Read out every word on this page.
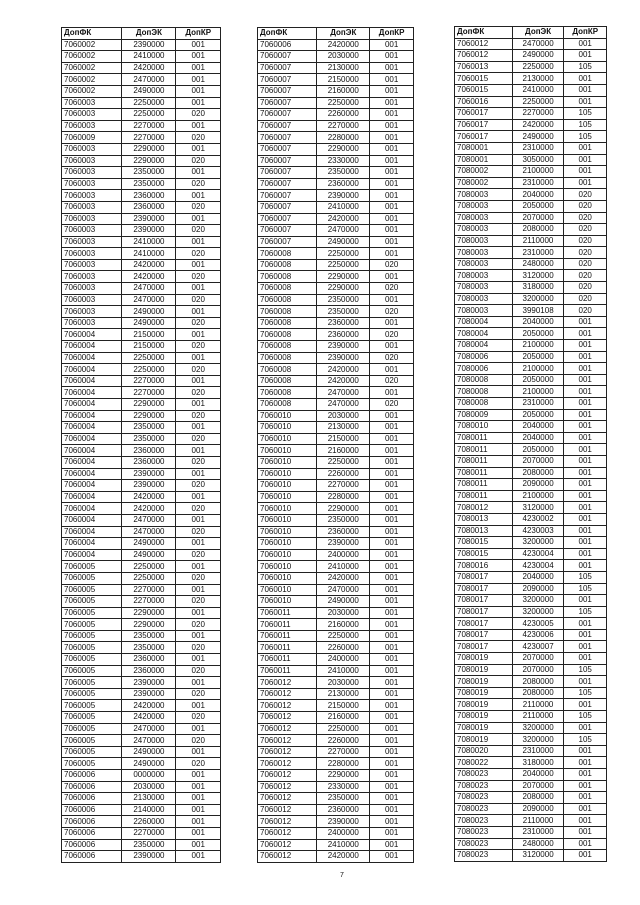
ДопФК	ДопЭК	ДопКР
7060002	2390000	001
7060002	2410000	001
7060002	2420000	001
7060002	2470000	001
7060002	2490000	001
7060003	2250000	001
7060003	2250000	020
7060003	2270000	001
7060009	2270000	020
7060003	2290000	001
7060003	2290000	020
7060003	2350000	001
7060003	2350000	020
7060003	2360000	001
7060003	2360000	020
7060003	2390000	001
7060003	2390000	020
7060003	2410000	001
7060003	2410000	020
7060003	2420000	001
7060003	2420000	020
7060003	2470000	001
7060003	2470000	020
7060003	2490000	001
7060003	2490000	020
7060004	2150000	001
7060004	2150000	020
7060004	2250000	001
7060004	2250000	020
7060004	2270000	001
7060004	2270000	020
7060004	2290000	001
7060004	2290000	020
7060004	2350000	001
7060004	2350000	020
7060004	2360000	001
7060004	2360000	020
7060004	2390000	001
7060004	2390000	020
7060004	2420000	001
7060004	2420000	020
7060004	2470000	001
7060004	2470000	020
7060004	2490000	001
7060004	2490000	020
7060005	2250000	001
7060005	2250000	020
7060005	2270000	001
7060005	2270000	020
7060005	2290000	001
7060005	2290000	020
7060005	2350000	001
7060005	2350000	020
7060005	2360000	001
7060005	2360000	020
7060005	2390000	001
7060005	2390000	020
7060005	2420000	001
7060005	2420000	020
7060005	2470000	001
7060005	2470000	020
7060005	2490000	001
7060005	2490000	020
7060006	0000000	001
7060006	2030000	001
7060006	2130000	001
7060006	2140000	001
7060006	2260000	001
7060006	2270000	001
7060006	2350000	001
7060006	2390000	001
ДопФК	ДопЭК	ДопКР
7060006	2420000	001
7060007	2030000	001
7060007	2130000	001
7060007	2150000	001
7060007	2160000	001
7060007	2250000	001
7060007	2260000	001
7060007	2270000	001
7060007	2280000	001
7060007	2290000	001
7060007	2330000	001
7060007	2350000	001
7060007	2360000	001
7060007	2390000	001
7060007	2410000	001
7060007	2420000	001
7060007	2470000	001
7060007	2490000	001
7060008	2250000	001
7060008	2250000	020
7060008	2290000	001
7060008	2290000	020
7060008	2350000	001
7060008	2350000	020
7060008	2360000	001
7060008	2360000	020
7060008	2390000	001
7060008	2390000	020
7060008	2420000	001
7060008	2420000	020
7060008	2470000	001
7060008	2470000	020
7060010	2030000	001
7060010	2130000	001
7060010	2150000	001
7060010	2160000	001
7060010	2250000	001
7060010	2260000	001
7060010	2270000	001
7060010	2280000	001
7060010	2290000	001
7060010	2350000	001
7060010	2360000	001
7060010	2390000	001
7060010	2400000	001
7060010	2410000	001
7060010	2420000	001
7060010	2470000	001
7060010	2490000	001
7060011	2030000	001
7060011	2160000	001
7060011	2250000	001
7060011	2260000	001
7060011	2400000	001
7060011	2410000	001
7060012	2030000	001
7060012	2130000	001
7060012	2150000	001
7060012	2160000	001
7060012	2250000	001
7060012	2260000	001
7060012	2270000	001
7060012	2280000	001
7060012	2290000	001
7060012	2330000	001
7060012	2350000	001
7060012	2360000	001
7060012	2390000	001
7060012	2400000	001
7060012	2410000	001
7060012	2420000	001
ДопФК	ДопЭК	ДопКР
7060012	2470000	001
7060012	2490000	001
7060013	2250000	105
7060015	2130000	001
7060015	2410000	001
7060016	2250000	001
7060017	2270000	105
7060017	2420000	105
7060017	2490000	105
7080001	2310000	001
7080001	3050000	001
7080002	2100000	001
7080002	2310000	001
7080003	2040000	020
7080003	2050000	020
7080003	2070000	020
7080003	2080000	020
7080003	2110000	020
7080003	2310000	020
7080003	2480000	020
7080003	3120000	020
7080003	3180000	020
7080003	3200000	020
7080003	3990108	020
7080004	2040000	001
7080004	2050000	001
7080004	2100000	001
7080006	2050000	001
7080006	2100000	001
7080008	2050000	001
7080008	2100000	001
7080008	2310000	001
7080009	2050000	001
7080010	2040000	001
7080011	2040000	001
7080011	2050000	001
7080011	2070000	001
7080011	2080000	001
7080011	2090000	001
7080011	2100000	001
7080012	3120000	001
7080013	4230002	001
7080013	4230003	001
7080015	3200000	001
7080015	4230004	001
7080016	4230004	001
7080017	2040000	105
7080017	2090000	105
7080017	3200000	001
7080017	3200000	105
7080017	4230005	001
7080017	4230006	001
7080017	4230007	001
7080019	2070000	001
7080019	2070000	105
7080019	2080000	001
7080019	2080000	105
7080019	2110000	001
7080019	2110000	105
7080019	3200000	001
7080019	3200000	105
7080020	2310000	001
7080022	3180000	001
7080023	2040000	001
7080023	2070000	001
7080023	2080000	001
7080023	2090000	001
7080023	2110000	001
7080023	2310000	001
7080023	2480000	001
7080023	3120000	001
7
